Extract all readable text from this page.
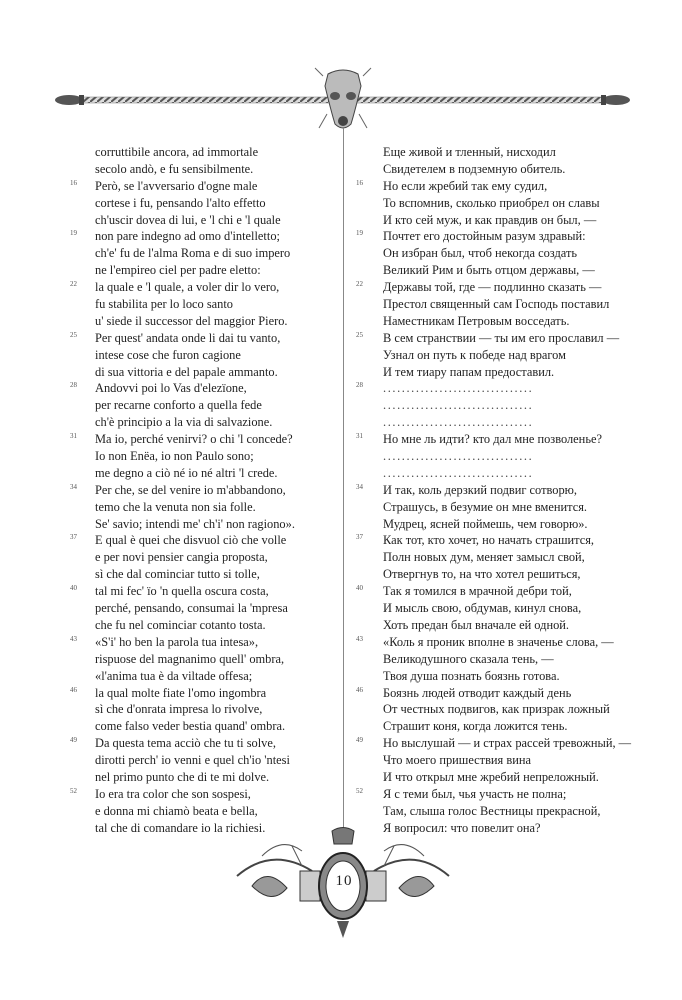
corruttibile ancora, ad immortale
secolo andò, e fu sensibilmente.
16	Però, se l'avversario d'ogne male
cortese i fu, pensando l'alto effetto
ch'uscir dovea di lui, e 'l chi e 'l quale
19	non pare indegno ad omo d'intelletto;
ch'e' fu de l'alma Roma e di suo impero
ne l'empireo ciel per padre eletto:
22	la quale e 'l quale, a voler dir lo vero,
fu stabilita per lo loco santo
u' siede il successor del maggior Piero.
25	Per quest' andata onde li dai tu vanto,
intese cose che furon cagione
di sua vittoria e del papale ammanto.
28	Andovvi poi lo Vas d'elezïone,
per recarne conforto a quella fede
ch'è principio a la via di salvazione.
31	Ma io, perché venirvi? o chi 'l concede?
Io non Enëa, io non Paulo sono;
me degno a ciò né io né altri 'l crede.
34	Per che, se del venire io m'abbandono,
temo che la venuta non sia folle.
Se' savio; intendi me' ch'i' non ragiono».
37	E qual è quei che disvuol ciò che volle
e per novi pensier cangia proposta,
sì che dal cominciar tutto si tolle,
40	tal mi fec' ïo 'n quella oscura costa,
perché, pensando, consumai la 'mpresa
che fu nel cominciar cotanto tosta.
43	«S'i' ho ben la parola tua intesa»,
rispuose del magnanimo quell' ombra,
«l'anima tua è da viltade offesa;
46	la qual molte fiate l'omo ingombra
sì che d'onrata impresa lo rivolve,
come falso veder bestia quand' ombra.
49	Da questa tema acciò che tu ti solve,
dirotti perch' io venni e quel ch'io 'ntesi
nel primo punto che di te mi dolve.
52	Io era tra color che son sospesi,
e donna mi chiamò beata e bella,
tal che di comandare io la richiesi.
Еще живой и тленный, нисходил
Свидетелем в подземную обитель.
16	Но если жребий так ему судил,
То вспомнив, сколько приобрел он славы
И кто сей муж, и как правдив он был, —
19	Почтет его достойным разум здравый:
Он избран был, чтоб некогда создать
Великий Рим и быть отцом державы, —
22	Державы той, где — подлинно сказать —
Престол священный сам Господь поставил
Наместникам Петровым восседать.
25	В сем странствии — ты им его прославил —
Узнал он путь к победе над врагом
И тем тиару папам предоставил.
28	................................
................................
................................
31	Но мне ль идти? кто дал мне позволенье?
................................
................................
34	И так, коль дерзкий подвиг сотворю,
Страшусь, в безумие он мне вменится.
Мудрец, ясней поймешь, чем говорю».
37	Как тот, кто хочет, но начать страшится,
Полн новых дум, меняет замысл свой,
Отвергнув то, на что хотел решиться,
40	Так я томился в мрачной дебри той,
И мысль свою, обдумав, кинул снова,
Хоть предан был вначале ей одной.
43	«Коль я проник вполне в значенье слова, —
Великодушного сказала тень, —
Твоя душа познать боязнь готова.
46	Боязнь людей отводит каждый день
От честных подвигов, как призрак ложный
Страшит коня, когда ложится тень.
49	Но выслушай — и страх рассей тревожный, —
Что моего пришествия вина
И что открыл мне жребий непреложный.
52	Я с теми был, чья участь не полна;
Там, слыша голос Вестницы прекрасной,
Я вопросил: что повелит она?
10
